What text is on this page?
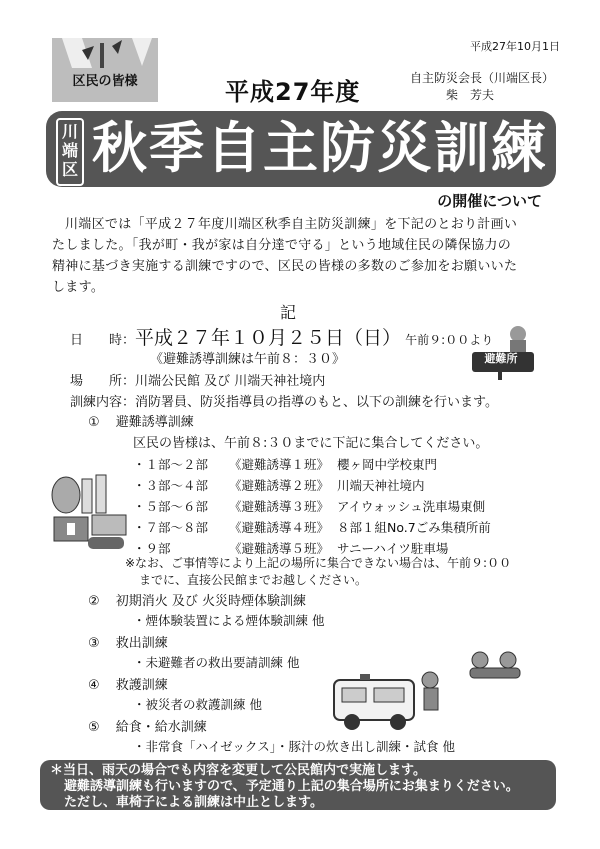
平成27年10月1日
区民の皆様	平成27年度	自主防災会長（川端区長）
柴　芳夫
川
端
区 秋季自主防災訓練
の開催について
川端区では「平成２７年度川端区秋季自主防災訓練」を下記のとおり計画い
たしました。「我が町・我が家は自分達で守る」という地域住民の隣保協力の
精神に基づき実施する訓練ですので、区民の皆様の多数のご参加をお願いいた
します。
記
日　　時：平成２７年１０月２５日（日） 午前９:００より
《避難誘導訓練は午前８：３０》	避難所
場　　所：川端公民館 及び 川端天神社境内
訓練内容：消防署員、防災指導員の指導のもと、以下の訓練を行います。
① 避難誘導訓練
区民の皆様は、午前８:３０までに下記に集合してください。
・１部～２部 《避難誘導１班》 櫻ヶ岡中学校東門
・３部～４部 《避難誘導２班》 川端天神社境内
・５部～６部 《避難誘導３班》 アイウォッシュ洗車場東側
・７部～８部 《避難誘導４班》 ８部１組No.7ごみ集積所前
・９部	《避難誘導５班》 サニーハイツ駐車場
※なお、ご事情等により上記の場所に集合できない場合は、午前９:００
までに、直接公民館までお越しください。
② 初期消火 及び 火災時煙体験訓練
・煙体験装置による煙体験訓練 他
③ 救出訓練
・未避難者の救出要請訓練 他
④ 救護訓練
・被災者の救護訓練 他
⑤ 給食・給水訓練
・非常食「ハイゼックス」・豚汁の炊き出し訓練・試食 他
＊当日、雨天の場合でも内容を変更して公民館内で実施します。
避難誘導訓練も行いますので、予定通り上記の集合場所にお集まりください。
ただし、車椅子による訓練は中止とします。
